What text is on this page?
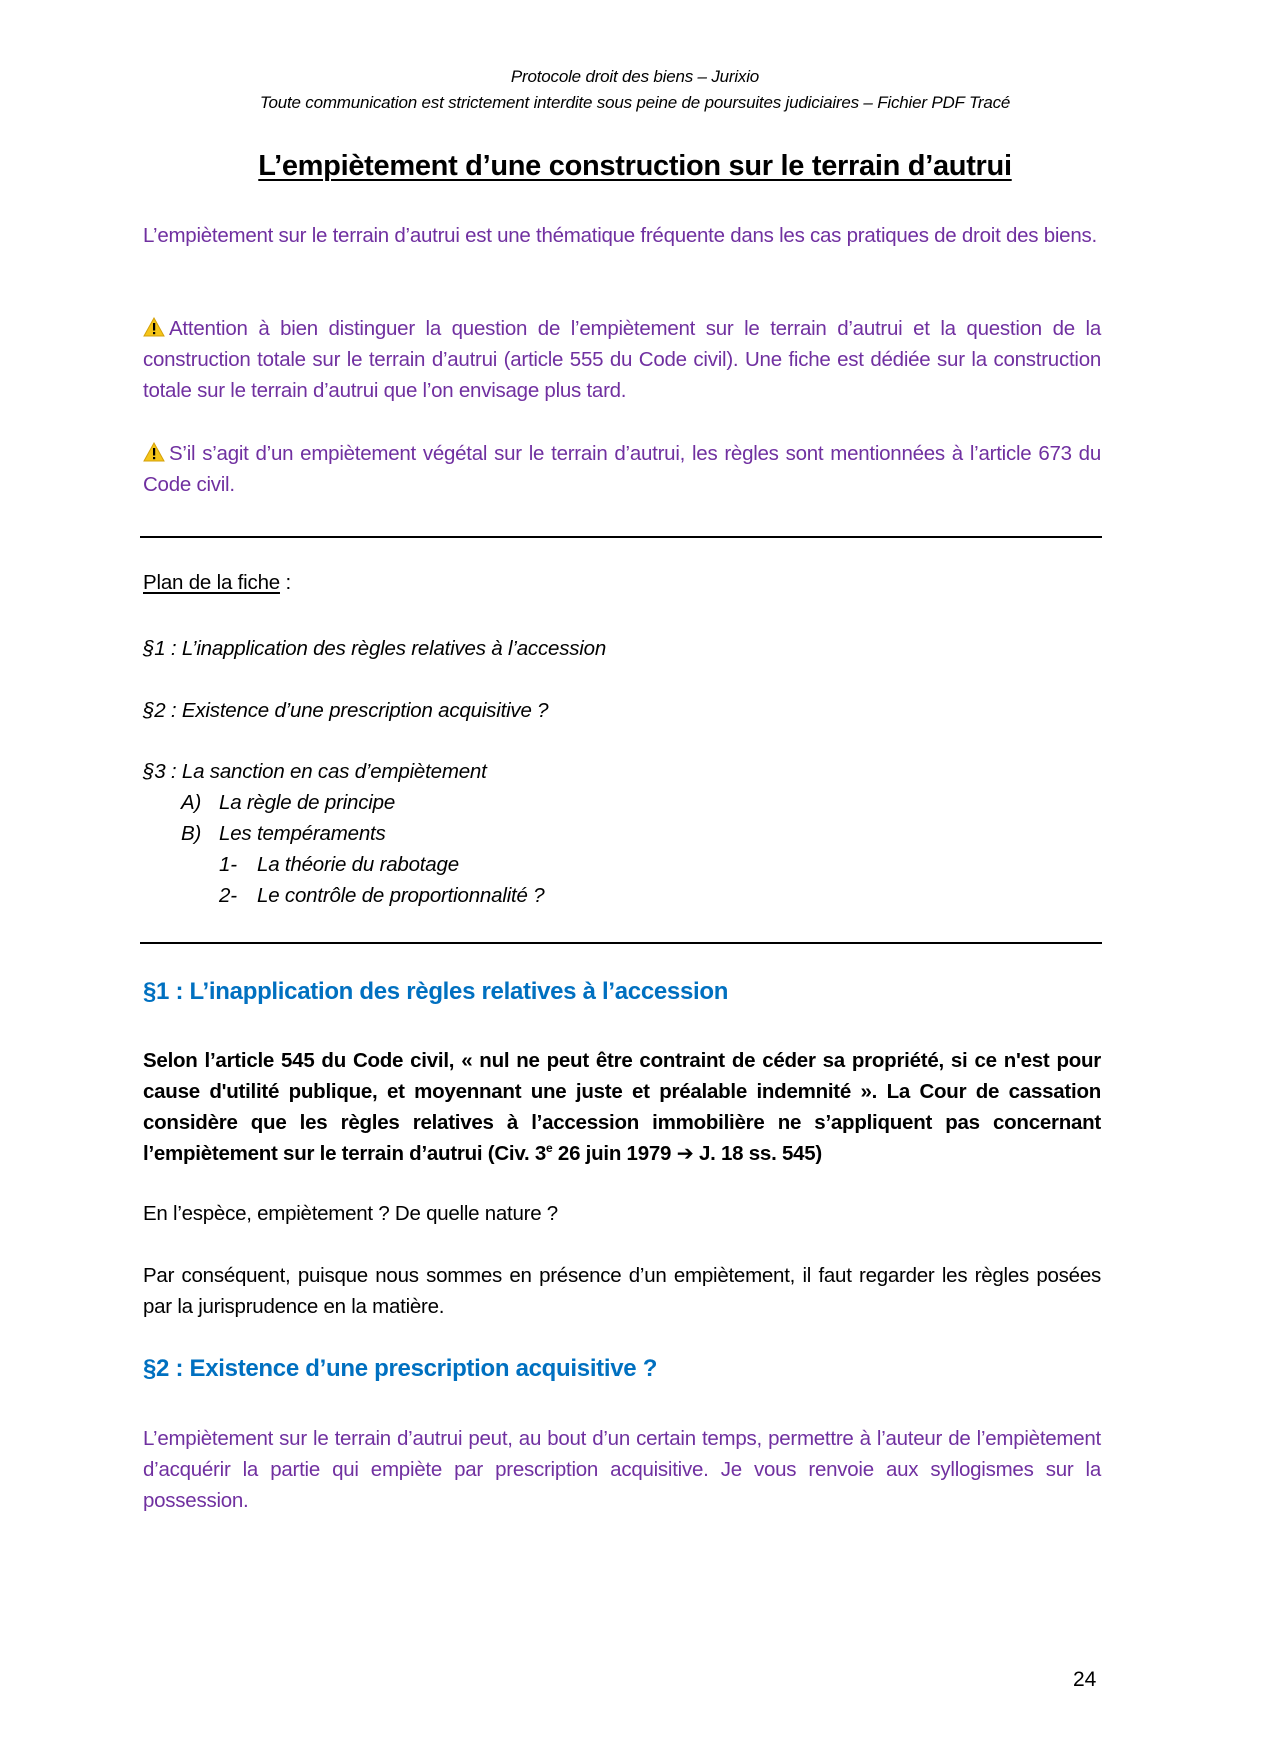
Protocole droit des biens – Jurixio
Toute communication est strictement interdite sous peine de poursuites judiciaires – Fichier PDF Tracé
L’empiètement d’une construction sur le terrain d’autrui
L’empiètement sur le terrain d’autrui est une thématique fréquente dans les cas pratiques de droit des biens.
Attention à bien distinguer la question de l’empiètement sur le terrain d’autrui et la question de la construction totale sur le terrain d’autrui (article 555 du Code civil). Une fiche est dédiée sur la construction totale sur le terrain d’autrui que l’on envisage plus tard.
S’il s’agit d’un empiètement végétal sur le terrain d’autrui, les règles sont mentionnées à l’article 673 du Code civil.
Plan de la fiche :
§1 : L’inapplication des règles relatives à l’accession
§2 : Existence d’une prescription acquisitive ?
§3 : La sanction en cas d’empiètement
A) La règle de principe
B) Les tempéraments
1- La théorie du rabotage
2- Le contrôle de proportionnalité ?
§1 : L’inapplication des règles relatives à l’accession
Selon l’article 545 du Code civil, « nul ne peut être contraint de céder sa propriété, si ce n'est pour cause d'utilité publique, et moyennant une juste et préalable indemnité ». La Cour de cassation considère que les règles relatives à l’accession immobilière ne s’appliquent pas concernant l’empiètement sur le terrain d’autrui (Civ. 3e 26 juin 1979 ➔ J. 18 ss. 545)
En l’espèce, empiètement ? De quelle nature ?
Par conséquent, puisque nous sommes en présence d’un empiètement, il faut regarder les règles posées par la jurisprudence en la matière.
§2 : Existence d’une prescription acquisitive ?
L’empiètement sur le terrain d’autrui peut, au bout d’un certain temps, permettre à l’auteur de l’empiètement d’acquérir la partie qui empiète par prescription acquisitive. Je vous renvoie aux syllogismes sur la possession.
24
